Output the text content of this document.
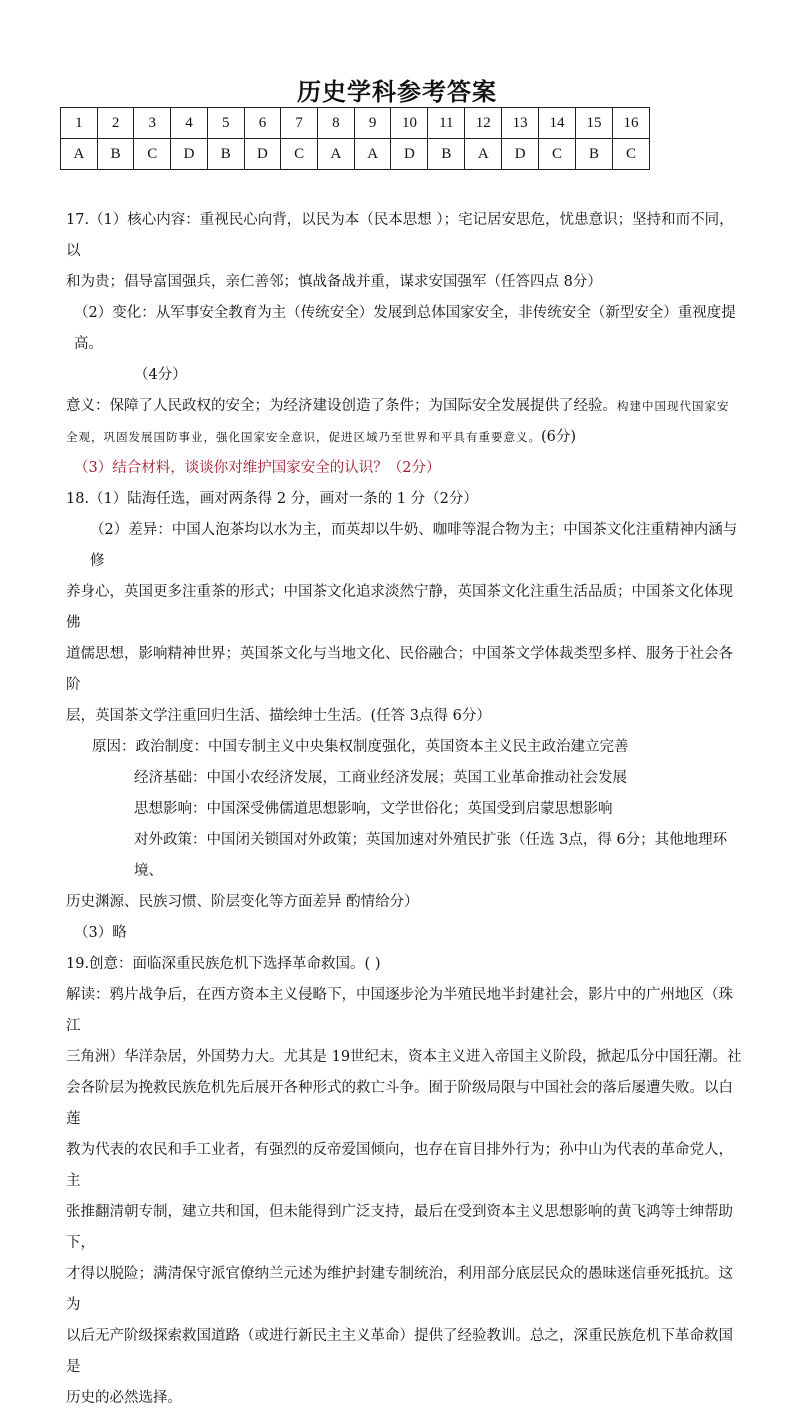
历史学科参考答案
1	2	3	4	5	6	7	8	9	10	11	12	13	14	15	16
A	B	C	D	B	D	C	A	A	D	B	A	D	C	B	C

17.（1）核心内容：重视民心向背，以民为本（民本思想 ）；宅记居安思危，忧患意识；坚持和而不同，以

和为贵；倡导富国强兵，亲仁善邻；慎战备战并重，谋求安国强军（任答四点 8分）

（2）变化：从军事安全教育为主（传统安全）发展到总体国家安全，非传统安全（新型安全）重视度提高。

（4分）

意义：保障了人民政权的安全；为经济建设创造了条件；为国际安全发展提供了经验。构建中国现代国家安

全观，巩固发展国防事业，强化国家安全意识，促进区域乃至世界和平具有重要意义。(6分)

（3）结合材料，谈谈你对维护国家安全的认识？（2分）

18.（1）陆海任选，画对两条得 2 分，画对一条的 1 分（2分）

（2）差异：中国人泡茶均以水为主，而英却以牛奶、咖啡等混合物为主；中国茶文化注重精神内涵与修

养身心，英国更多注重茶的形式；中国茶文化追求淡然宁静，英国茶文化注重生活品质；中国茶文化体现佛

道儒思想，影响精神世界；英国茶文化与当地文化、民俗融合；中国茶文学体裁类型多样、服务于社会各阶

层，英国茶文学注重回归生活、描绘绅士生活。(任答 3点得 6分）

原因：政治制度：中国专制主义中央集权制度强化，英国资本主义民主政治建立完善

经济基础：中国小农经济发展，工商业经济发展；英国工业革命推动社会发展

思想影响：中国深受佛儒道思想影响，文学世俗化；英国受到启蒙思想影响

对外政策：中国闭关锁国对外政策；英国加速对外殖民扩张（任选 3点，得 6分；其他地理环境、

历史渊源、民族习惯、阶层变化等方面差异 酌情给分）

（3）略

19.创意：面临深重民族危机下选择革命救国。( )

解读：鸦片战争后，在西方资本主义侵略下，中国逐步沦为半殖民地半封建社会，影片中的广州地区（珠江

三角洲）华洋杂居，外国势力大。尤其是 19世纪末，资本主义进入帝国主义阶段，掀起瓜分中国狂潮。社

会各阶层为挽救民族危机先后展开各种形式的救亡斗争。囿于阶级局限与中国社会的落后屡遭失败。以白莲

教为代表的农民和手工业者，有强烈的反帝爱国倾向，也存在盲目排外行为；孙中山为代表的革命党人，主

张推翻清朝专制，建立共和国，但未能得到广泛支持，最后在受到资本主义思想影响的黄飞鸿等士绅帮助下，

才得以脱险；满清保守派官僚纳兰元述为维护封建专制统治，利用部分底层民众的愚昧迷信垂死抵抗。这为

以后无产阶级探索救国道路（或进行新民主主义革命）提供了经验教训。总之，深重民族危机下革命救国是

历史的必然选择。
